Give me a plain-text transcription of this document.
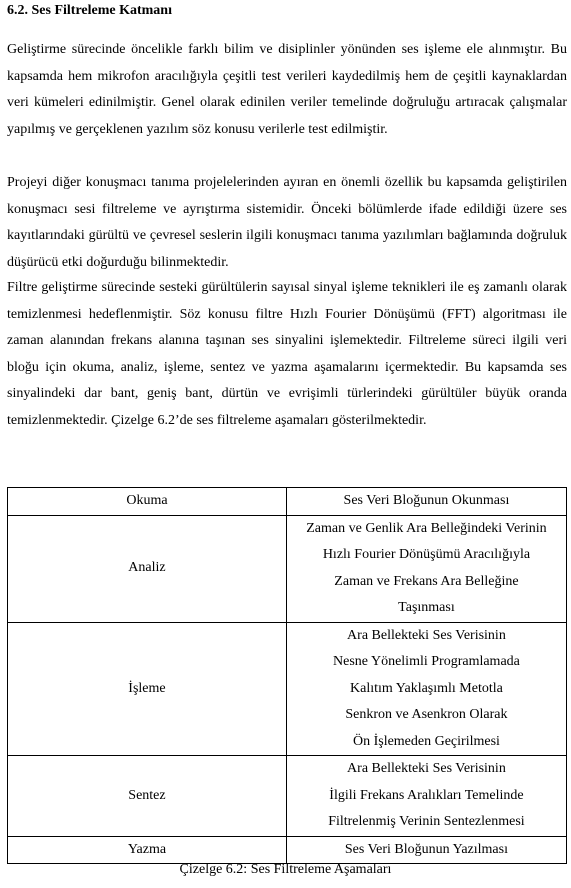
6.2. Ses Filtreleme Katmanı

Geliştirme sürecinde öncelikle farklı bilim ve disiplinler yönünden ses işleme ele alınmıştır. Bu kapsamda hem mikrofon aracılığıyla çeşitli test verileri kaydedilmiş hem de çeşitli kaynaklardan veri kümeleri edinilmiştir. Genel olarak edinilen veriler temelinde doğruluğu artıracak çalışmalar yapılmış ve gerçeklenen yazılım söz konusu verilerle test edilmiştir.

Projeyi diğer konuşmacı tanıma projelelerinden ayıran en önemli özellik bu kapsamda geliştirilen konuşmacı sesi filtreleme ve ayrıştırma sistemidir. Önceki bölümlerde ifade edildiği üzere ses kayıtlarındaki gürültü ve çevresel seslerin ilgili konuşmacı tanıma yazılımları bağlamında doğruluk düşürücü etki doğurduğu bilinmektedir.

Filtre geliştirme sürecinde sesteki gürültülerin sayısal sinyal işleme teknikleri ile eş zamanlı olarak temizlenmesi hedeflenmiştir. Söz konusu filtre Hızlı Fourier Dönüşümü (FFT) algoritması ile zaman alanından frekans alanına taşınan ses sinyalini işlemektedir. Filtreleme süreci ilgili veri bloğu için okuma, analiz, işleme, sentez ve yazma aşamalarını içermektedir. Bu kapsamda ses sinyalindeki dar bant, geniş bant, dürtün ve evrişimli türlerindeki gürültüler büyük oranda temizlenmektedir. Çizelge 6.2’de ses filtreleme aşamaları gösterilmektedir.

Okuma	Ses Veri Bloğunun Okunması

Analiz	Zaman ve Genlik Ara Belleğindeki Verinin
Hızlı Fourier Dönüşümü Aracılığıyla
Zaman ve Frekans Ara Belleğine
Taşınması

İşleme	Ara Bellekteki Ses Verisinin
Nesne Yönelimli Programlamada
Kalıtım Yaklaşımlı Metotla
Senkron ve Asenkron Olarak
Ön İşlemeden Geçirilmesi

Sentez	Ara Bellekteki Ses Verisinin
İlgili Frekans Aralıkları Temelinde
Filtrelenmiş Verinin Sentezlenmesi

Yazma	Ses Veri Bloğunun Yazılması
Çizelge 6.2: Ses Filtreleme Aşamaları
